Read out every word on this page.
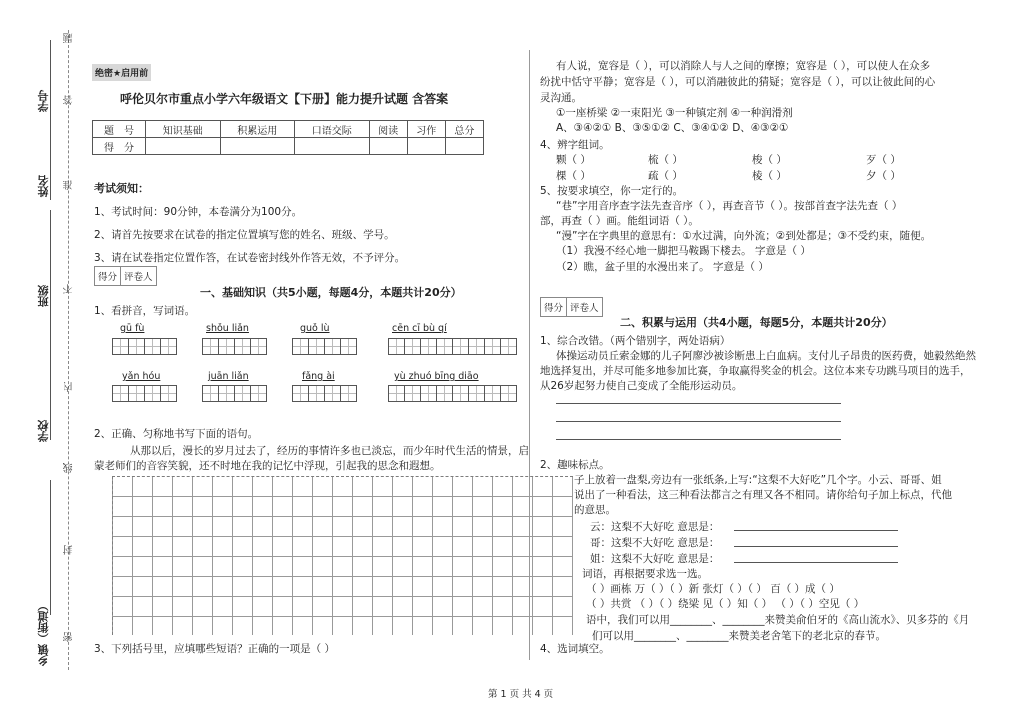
乡镇（街道）
学校
班级
姓名
学号
密
封
线
内
不
准
答
题
绝密★启用前
呼伦贝尔市重点小学六年级语文【下册】能力提升试题 含答案
题　号	知识基础	积累运用	口语交际	阅读	习作	总分
得　分						
考试须知：
1、考试时间：90分钟，本卷满分为100分。
2、请首先按要求在试卷的指定位置填写您的姓名、班级、学号。
3、请在试卷指定位置作答，在试卷密封线外作答无效，不予评分。
得分 评卷人
一、基础知识（共5小题，每题4分，本题共计20分）
1、看拼音，写词语。
gū fù	shǒu liǎn	guǒ lù	cēn cī bù qí
yǎn hóu	juān liǎn	fǎng ài	yù zhuó bīng diāo
2、正确、匀称地书写下面的语句。
从那以后，漫长的岁月过去了，经历的事情许多也已淡忘，而少年时代生活的情景，启
蒙老师们的音容笑貌，还不时地在我的记忆中浮现，引起我的思念和遐想。
3、下列括号里，应填哪些短语？正确的一项是（ ）
有人说，宽容是（ ），可以消除人与人之间的摩擦；宽容是（ ），可以使人在众多
纷扰中恬守平静；宽容是（ ），可以消融彼此的猜疑；宽容是（ ），可以让彼此间的心
灵沟通。
①一座桥梁 ②一束阳光 ③一种镇定剂 ④一种润滑剂
A、③④②① B、③⑤①② C、③④①② D、④③②①
4、辨字组词。
颗（ ）	梳（ ）	梭（ ）	歹（ ）
棵（ ）	疏（ ）	棱（ ）	夕（ ）
5、按要求填空，你一定行的。
“巷”字用音序查字法先查音序（ ），再查音节（ ）。按部首查字法先查（ ）
部，再查（ ）画。能组词语（ ）。
“漫”字在字典里的意思有：①水过满，向外流；②到处都是；③不受约束，随便。
（1）我漫不经心地一脚把马鞍踢下楼去。 字意是（ ）
（2）瞧，盆子里的水漫出来了。 字意是（ ）
得分 评卷人
二、积累与运用（共4小题，每题5分，本题共计20分）
1、综合改错。（两个错别字，两处语病）
体操运动员丘索金娜的儿子阿廖沙被诊断患上白血病。支付儿子昂贵的医药费，她毅然绝然
地选择复出，并尽可能多地参加比赛，争取赢得奖金的机会。这位本来专功跳马项目的选手，
从26岁起努力使自己变成了全能形运动员。
2、趣味标点。
子上放着一盘梨,旁边有一张纸条,上写:“这梨不大好吃”几个字。小云、哥哥、姐
说出了一种看法，这三种看法都言之有理又各不相同。请你给句子加上标点，代他
的意思。
云：这梨不大好吃 意思是：
哥：这梨不大好吃 意思是：
姐：这梨不大好吃 意思是：
词语，再根据要求选一选。
（ ）画栋 万（ ）（ ）新 张灯（ ）（ ） 百（ ）成（ ）
（ ）共赏 （ ）（ ）绕梁 见（ ）知（ ） （ ）（ ）空见（ ）
语中，我们可以用________、________来赞美俞伯牙的《高山流水》、贝多芬的《月
们可以用________、________来赞美老舍笔下的老北京的春节。
4、选词填空。
第 1 页 共 4 页
